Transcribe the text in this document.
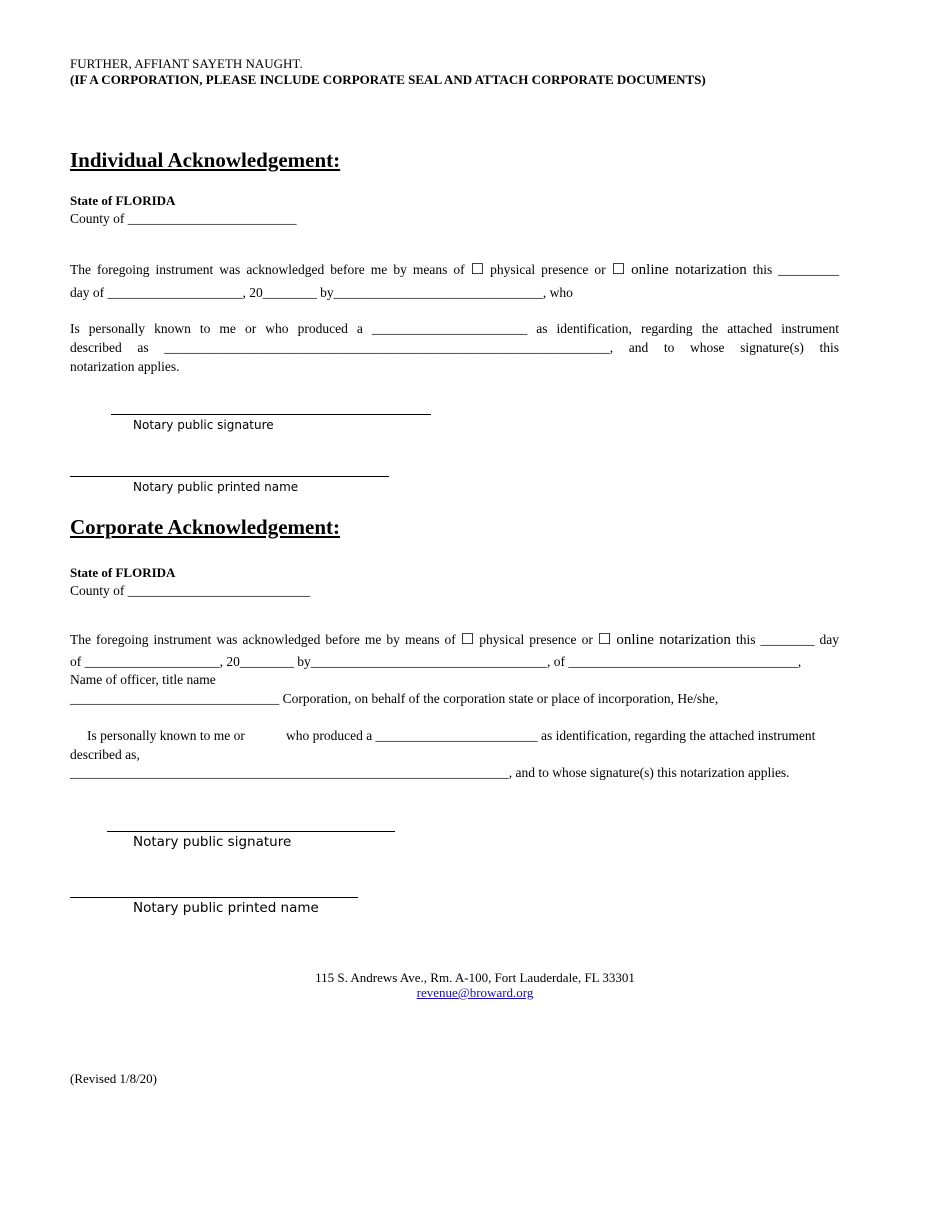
FURTHER, AFFIANT SAYETH NAUGHT.
(IF A CORPORATION, PLEASE INCLUDE CORPORATE SEAL AND ATTACH CORPORATE DOCUMENTS)
Individual Acknowledgement:
State of FLORIDA
County of _________________________
The foregoing instrument was acknowledged before me by means of ☐ physical presence or ☐ online notarization this _________
day of ____________________, 20________ by_______________________________, who
Is personally known to me or who produced a _______________________ as identification, regarding the attached instrument
described as __________________________________________________________________, and to whose signature(s) this
notarization applies.
Notary public signature
Notary public printed name
Corporate Acknowledgement:
State of FLORIDA
County of ___________________________
The foregoing instrument was acknowledged before me by means of ☐ physical presence or ☐ online notarization this ________ day
of ____________________, 20________ by___________________________________, of __________________________________,
Name of officer, title name
_______________________________ Corporation, on behalf of the corporation state or place of incorporation, He/she,
Is personally known to me or	who produced a ________________________ as identification, regarding the attached instrument
described as,
_________________________________________________________________, and to whose signature(s) this notarization applies.
Notary public signature
Notary public printed name
115 S. Andrews Ave., Rm. A-100, Fort Lauderdale, FL 33301
revenue@broward.org
(Revised 1/8/20)
